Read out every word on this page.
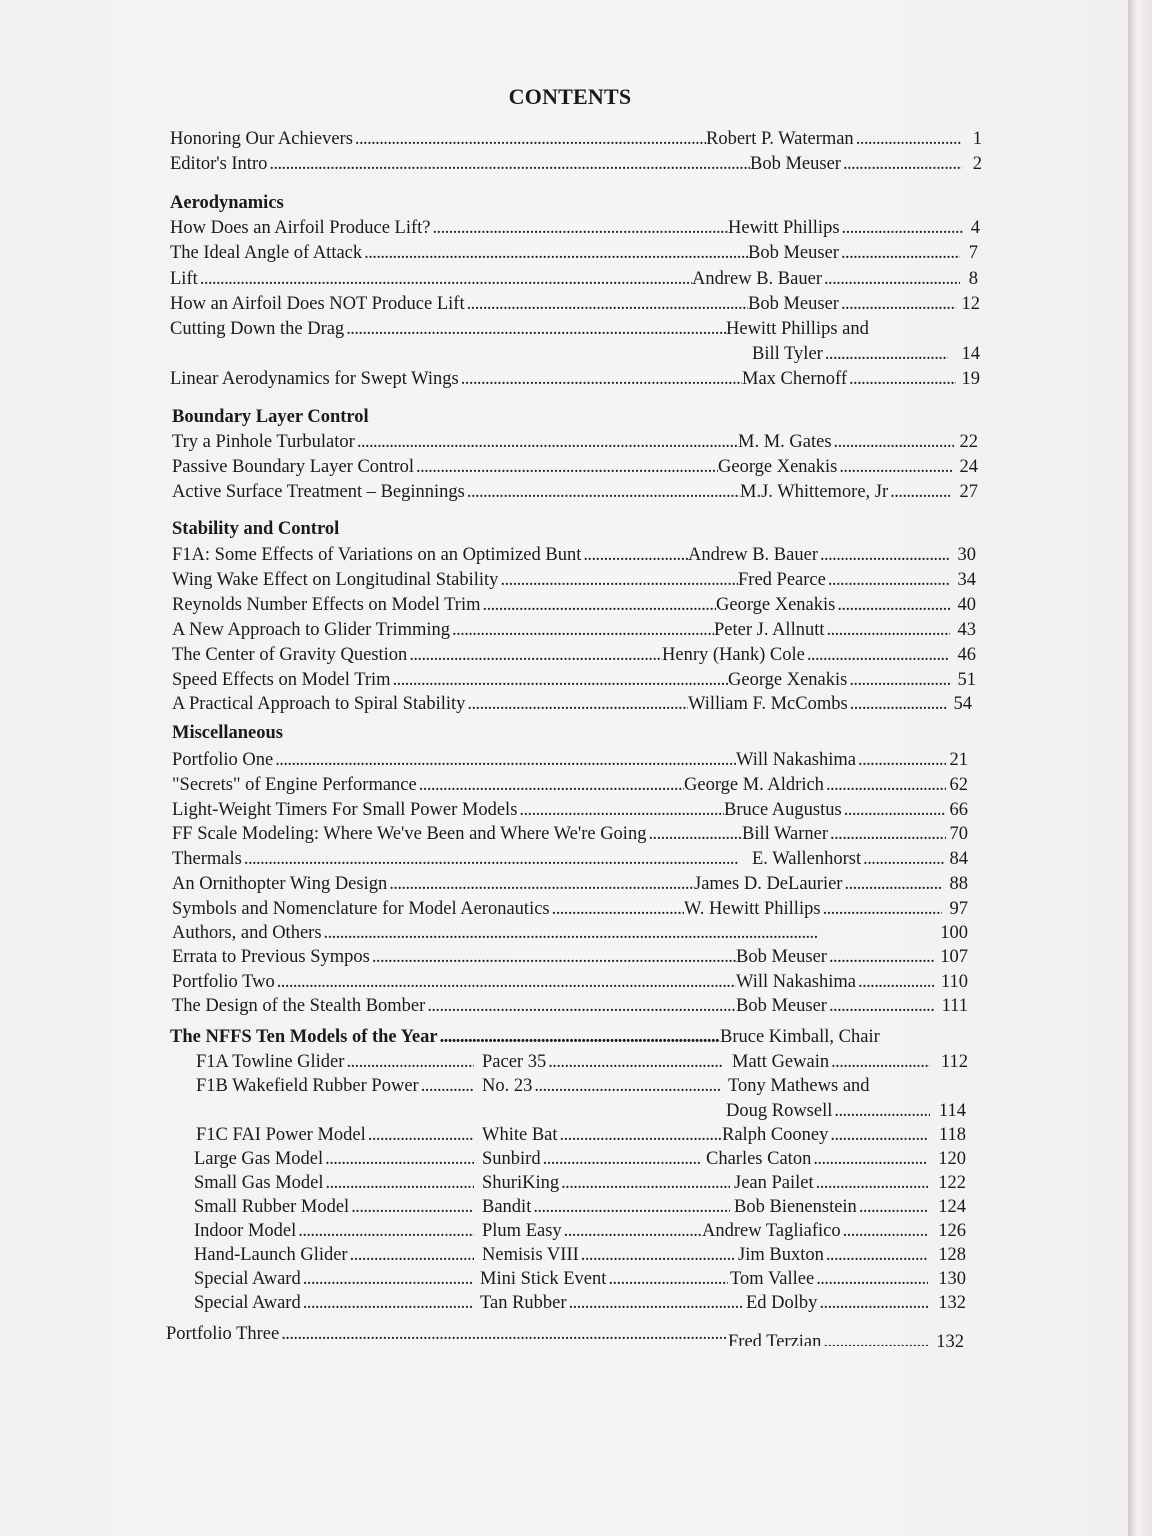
CONTENTS
Honoring Our Achievers . . .	Robert P. Waterman . . .	1
Editor's Intro . . .	Bob Meuser . . .	2
Aerodynamics
How Does an Airfoil Produce Lift? . . .	Hewitt Phillips . . .	4
The Ideal Angle of Attack . . .	Bob Meuser . . .	7
Lift . . .	Andrew B. Bauer . . .	8
How an Airfoil Does NOT Produce Lift . . .	Bob Meuser . . .	12
Cutting Down the Drag . . .	Hewitt Phillips and
Bill Tyler . . .	14
Linear Aerodynamics for Swept Wings . . .	Max Chernoff . . .	19
Boundary Layer Control
Try a Pinhole Turbulator . . .	M. M. Gates . . .	22
Passive Boundary Layer Control . . .	George Xenakis . . .	24
Active Surface Treatment – Beginnings . . .	M.J. Whittemore, Jr . . .	27
Stability and Control
F1A: Some Effects of Variations on an Optimized Bunt . . .	Andrew B. Bauer . . .	30
Wing Wake Effect on Longitudinal Stability . . .	Fred Pearce . . .	34
Reynolds Number Effects on Model Trim . . .	George Xenakis . . .	40
A New Approach to Glider Trimming . . .	Peter J. Allnutt . . .	43
The Center of Gravity Question . . .	Henry (Hank) Cole . . .	46
Speed Effects on Model Trim . . .	George Xenakis . . .	51
A Practical Approach to Spiral Stability . . .	William F. McCombs . . .	54
Miscellaneous
Portfolio One . . .	Will Nakashima . . .	21
"Secrets" of Engine Performance . . .	George M. Aldrich . . .	62
Light-Weight Timers For Small Power Models . . .	Bruce Augustus . . .	66
FF Scale Modeling: Where We've Been and Where We're Going . . .	Bill Warner . . .	70
Thermals . . .	E. Wallenhorst . . .	84
An Ornithopter Wing Design . . .	James D. DeLaurier . . .	88
Symbols and Nomenclature for Model Aeronautics . . .	W. Hewitt Phillips . . .	97
Authors, and Others . . .	100
Errata to Previous Sympos . . .	Bob Meuser . . .	107
Portfolio Two . . .	Will Nakashima . . .	110
The Design of the Stealth Bomber . . .	Bob Meuser . . .	111
The NFFS Ten Models of the Year . . .	Bruce Kimball, Chair
F1A Towline Glider . . .	Pacer 35 . . .	Matt Gewain . . .	112
F1B Wakefield Rubber Power . . .	No. 23 . . .	Tony Mathews and
Doug Rowsell . . .	114
F1C FAI Power Model . . .	White Bat . . .	Ralph Cooney . . .	118
Large Gas Model . . .	Sunbird . . .	Charles Caton . . .	120
Small Gas Model . . .	ShuriKing . . .	Jean Pailet . . .	122
Small Rubber Model . . .	Bandit . . .	Bob Bienenstein . . .	124
Indoor Model . . .	Plum Easy . . .	Andrew Tagliafico . . .	126
Hand-Launch Glider . . .	Nemisis VIII . . .	Jim Buxton . . .	128
Special Award . . .	Mini Stick Event . . .	Tom Vallee . . .	130
Special Award . . .	Tan Rubber . . .	Ed Dolby . . .	132
Portfolio Three . . .	Fred Terzian . . .	132
